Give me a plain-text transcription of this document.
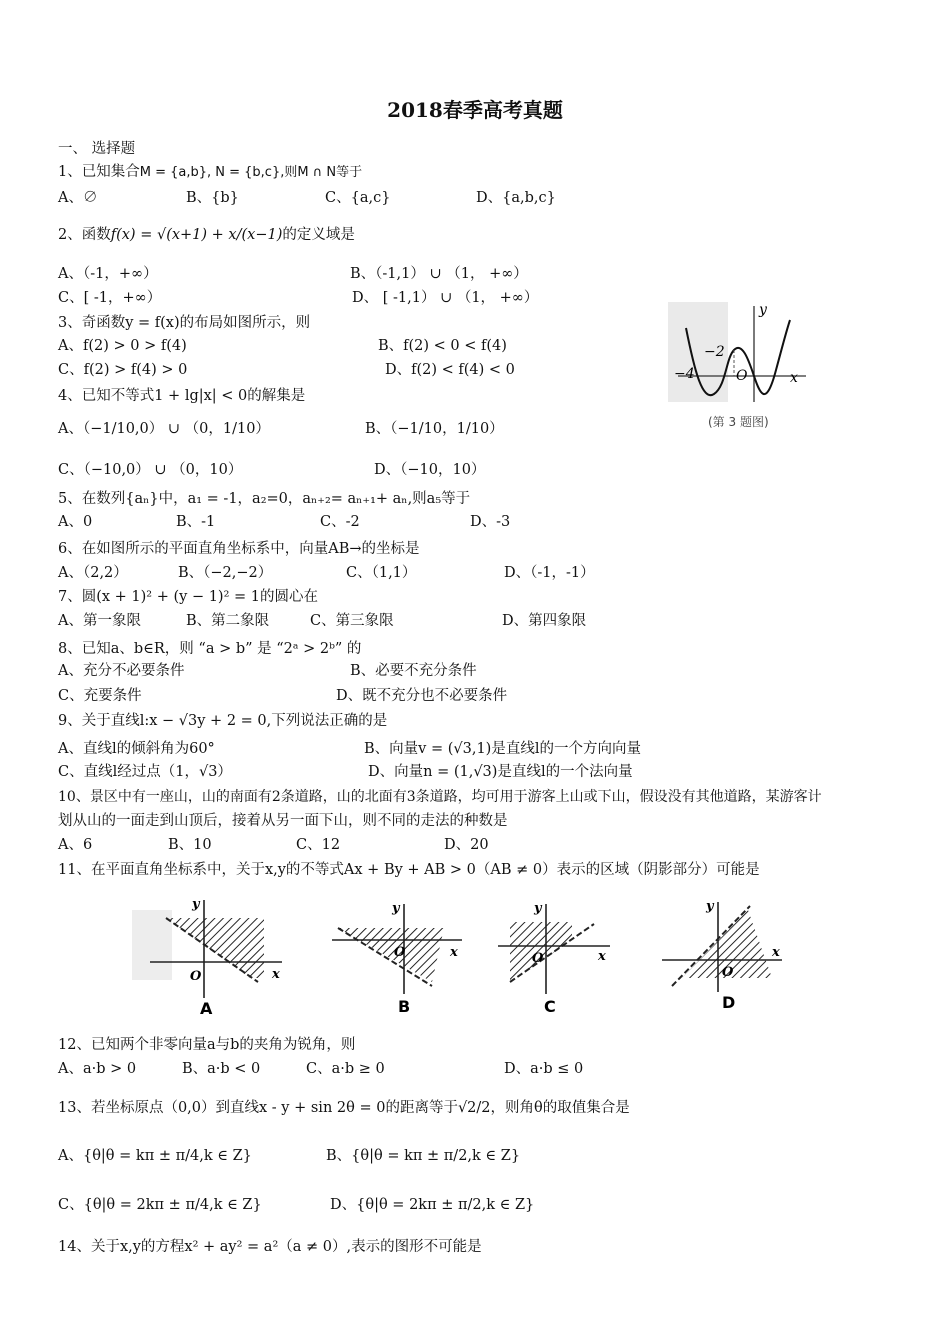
2018春季高考真题
一、 选择题
1、已知集合M = {a,b}, N = {b,c},则M ∩ N等于
A、∅	B、{b}	C、{a,c}	D、{a,b,c}
2、函数f(x) = √(x+1) + x/(x−1)的定义域是
A、（-1，+∞）	B、（-1,1） ∪ （1， +∞）
C、[ -1，+∞）	D、 [ -1,1） ∪ （1， +∞）
3、奇函数y = f(x)的布局如图所示，则
A、f(2) > 0 > f(4)	B、f(2) < 0 < f(4)
C、f(2) > f(4) > 0	D、f(2) < f(4) < 0
y
x
−4
−2
O
(第 3 题图)
4、已知不等式1 + lg|x| < 0的解集是
A、（−1/10,0） ∪ （0，1/10）	B、（−1/10，1/10）
C、（−10,0） ∪ （0，10）	D、（−10，10）
5、在数列{aₙ}中，a₁ = -1，a₂=0，aₙ₊₂= aₙ₊₁+ aₙ,则a₅等于
A、0	B、-1	C、-2	D、-3
6、在如图所示的平面直角坐标系中，向量AB→的坐标是
A、（2,2）	B、（−2,−2）	C、（1,1）	D、（-1，-1）
7、圆(x + 1)² + (y − 1)² = 1的圆心在
A、第一象限	B、第二象限	C、第三象限	D、第四象限
8、已知a、b∈R，则 “a > b” 是 “2ᵃ > 2ᵇ” 的
A、充分不必要条件	B、必要不充分条件
C、充要条件	D、既不充分也不必要条件
9、关于直线l:x − √3y + 2 = 0,下列说法正确的是
A、直线l的倾斜角为60°	B、向量v = (√3,1)是直线l的一个方向向量
C、直线l经过点（1，√3）	D、向量n = (1,√3)是直线l的一个法向量
10、景区中有一座山，山的南面有2条道路，山的北面有3条道路，均可用于游客上山或下山，假设没有其他道路，某游客计
划从山的一面走到山顶后，接着从另一面下山，则不同的走法的种数是
A、6	B、10	C、12	D、20
11、在平面直角坐标系中，关于x,y的不等式Ax + By + AB > 0（AB ≠ 0）表示的区域（阴影部分）可能是
y
x
O
A
y
x
O
B
y
x
O
C
y
x
O
D
12、已知两个非零向量a与b的夹角为锐角，则
A、a·b > 0	B、a·b < 0	C、a·b ≥ 0	D、a·b ≤ 0
13、若坐标原点（0,0）到直线x - y + sin 2θ = 0的距离等于√2/2，则角θ的取值集合是
A、{θ|θ = kπ ± π/4,k ∈ Z}	B、{θ|θ = kπ ± π/2,k ∈ Z}
C、{θ|θ = 2kπ ± π/4,k ∈ Z}	D、{θ|θ = 2kπ ± π/2,k ∈ Z}
14、关于x,y的方程x² + ay² = a²（a ≠ 0）,表示的图形不可能是
